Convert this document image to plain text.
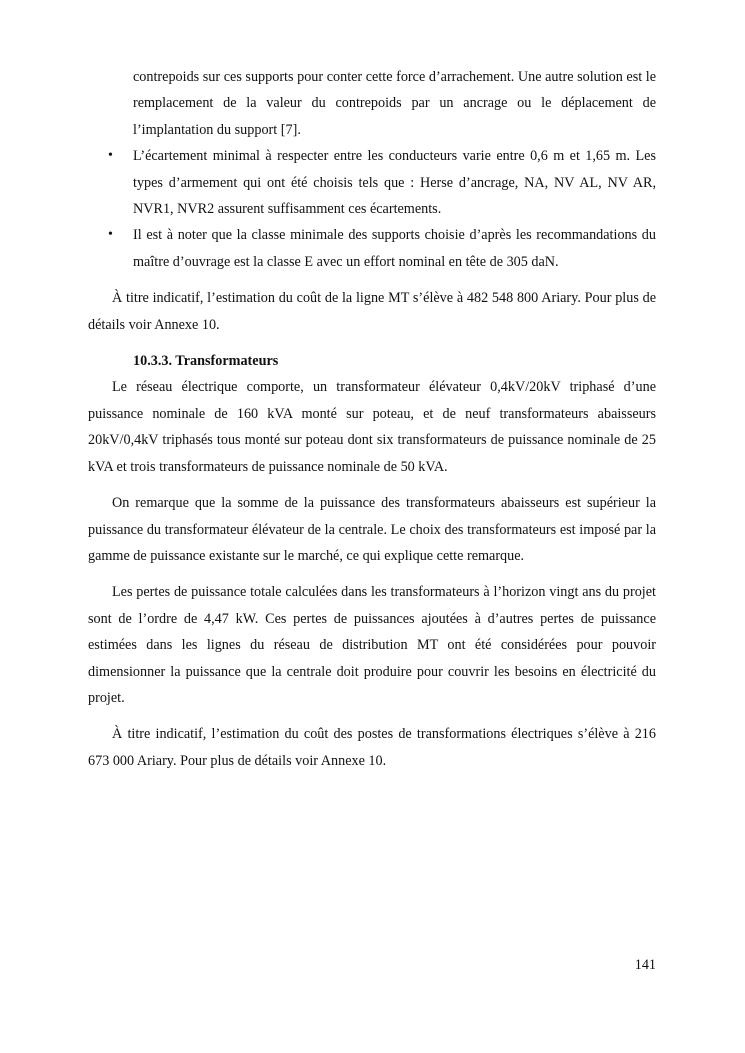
contrepoids sur ces supports pour conter cette force d’arrachement. Une autre solution est le remplacement de la valeur du contrepoids par un ancrage ou le déplacement de l’implantation du support [7].

• L’écartement minimal à respecter entre les conducteurs varie entre 0,6 m et 1,65 m. Les types d’armement qui ont été choisis tels que : Herse d’ancrage, NA, NV AL, NV AR, NVR1, NVR2 assurent suffisamment ces écartements.
• Il est à noter que la classe minimale des supports choisie d’après les recommandations du maître d’ouvrage est la classe E avec un effort nominal en tête de 305 daN.

À titre indicatif, l’estimation du coût de la ligne MT s’élève à 482 548 800 Ariary. Pour plus de détails voir Annexe 10.

10.3.3. Transformateurs

Le réseau électrique comporte, un transformateur élévateur 0,4kV/20kV triphasé d’une puissance nominale de 160 kVA monté sur poteau, et de neuf transformateurs abaisseurs 20kV/0,4kV triphasés tous monté sur poteau dont six transformateurs de puissance nominale de 25 kVA et trois transformateurs de puissance nominale de 50 kVA.

On remarque que la somme de la puissance des transformateurs abaisseurs est supérieur la puissance du transformateur élévateur de la centrale. Le choix des transformateurs est imposé par la gamme de puissance existante sur le marché, ce qui explique cette remarque.

Les pertes de puissance totale calculées dans les transformateurs à l’horizon vingt ans du projet sont de l’ordre de 4,47 kW. Ces pertes de puissances ajoutées à d’autres pertes de puissance estimées dans les lignes du réseau de distribution MT ont été considérées pour pouvoir dimensionner la puissance que la centrale doit produire pour couvrir les besoins en électricité du projet.

À titre indicatif, l’estimation du coût des postes de transformations électriques s’élève à 216 673 000 Ariary. Pour plus de détails voir Annexe 10.

141
